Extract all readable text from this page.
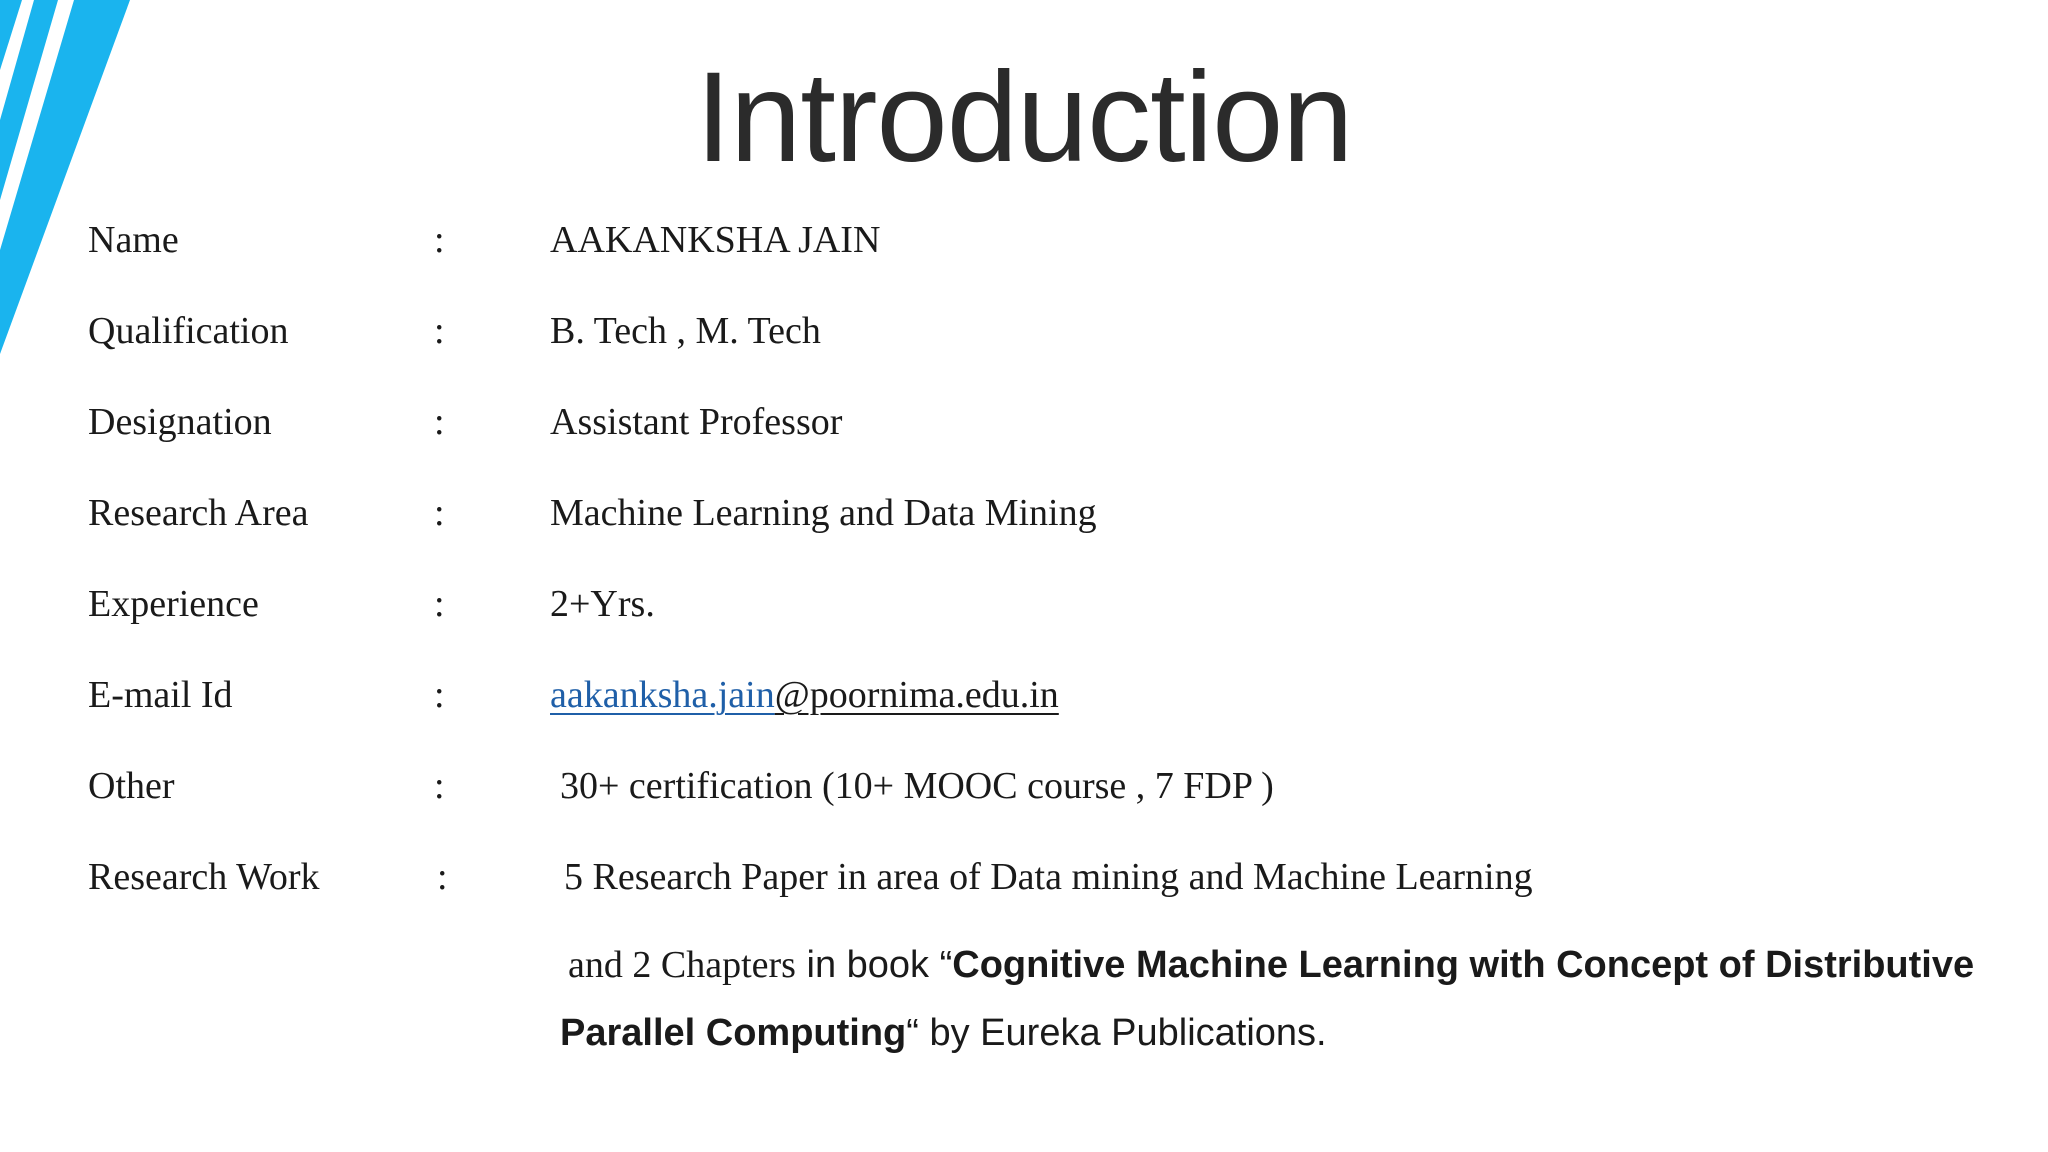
Introduction
Name	:	AAKANKSHA JAIN
Qualification	:	B. Tech , M. Tech
Designation	:	Assistant Professor
Research Area	:	Machine Learning and Data Mining
Experience	:	2+Yrs.
E-mail Id	:	aakanksha.jain@poornima.edu.in
Other	:	30+ certification (10+ MOOC course , 7 FDP )
Research Work	:	5 Research Paper in area of Data mining and Machine Learning
and 2 Chapters in book “Cognitive Machine Learning with Concept of Distributive
Parallel Computing“ by Eureka Publications.
